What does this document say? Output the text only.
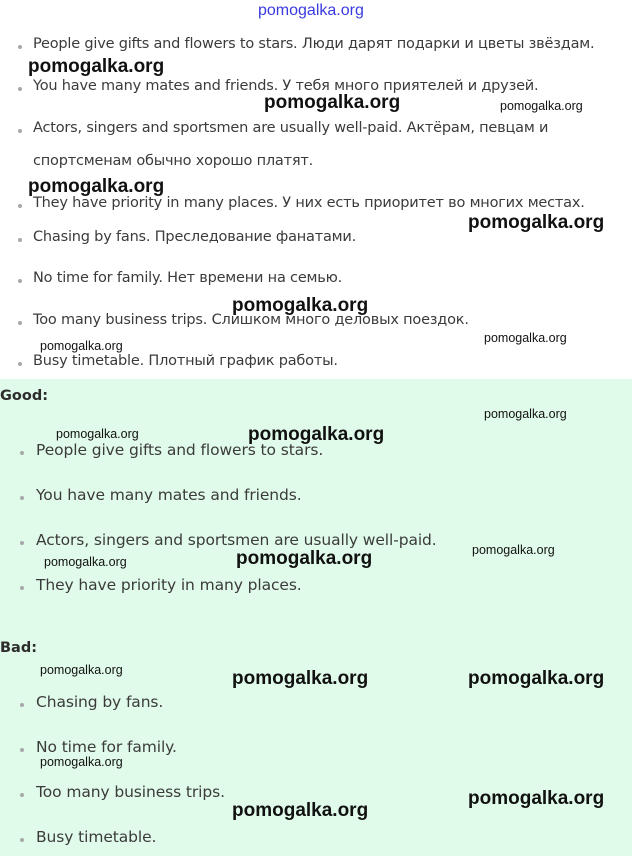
pomogalka.org
People give gifts and flowers to stars. Люди дарят подарки и цветы звёздам.
You have many mates and friends. У тебя много приятелей и друзей.
Actors, singers and sportsmen are usually well-paid. Актёрам, певцам и
спортсменам обычно хорошо платят.
They have priority in many places. У них есть приоритет во многих местах.
Chasing by fans. Преследование фанатами.
No time for family. Нет времени на семью.
Too many business trips. Слишком много деловых поездок.
Busy timetable. Плотный график работы.
Good:
People give gifts and flowers to stars.
You have many mates and friends.
Actors, singers and sportsmen are usually well-paid.
They have priority in many places.
Bad:
Chasing by fans.
No time for family.
Too many business trips.
Busy timetable.
pomogalka.org
pomogalka.org	pomogalka.org
pomogalka.org
pomogalka.org
pomogalka.org
pomogalka.org
pomogalka.org
pomogalka.org
pomogalka.org	pomogalka.org
pomogalka.org
pomogalka.org
pomogalka.org
pomogalka.org	pomogalka.org	pomogalka.org
pomogalka.org
pomogalka.org
pomogalka.org
